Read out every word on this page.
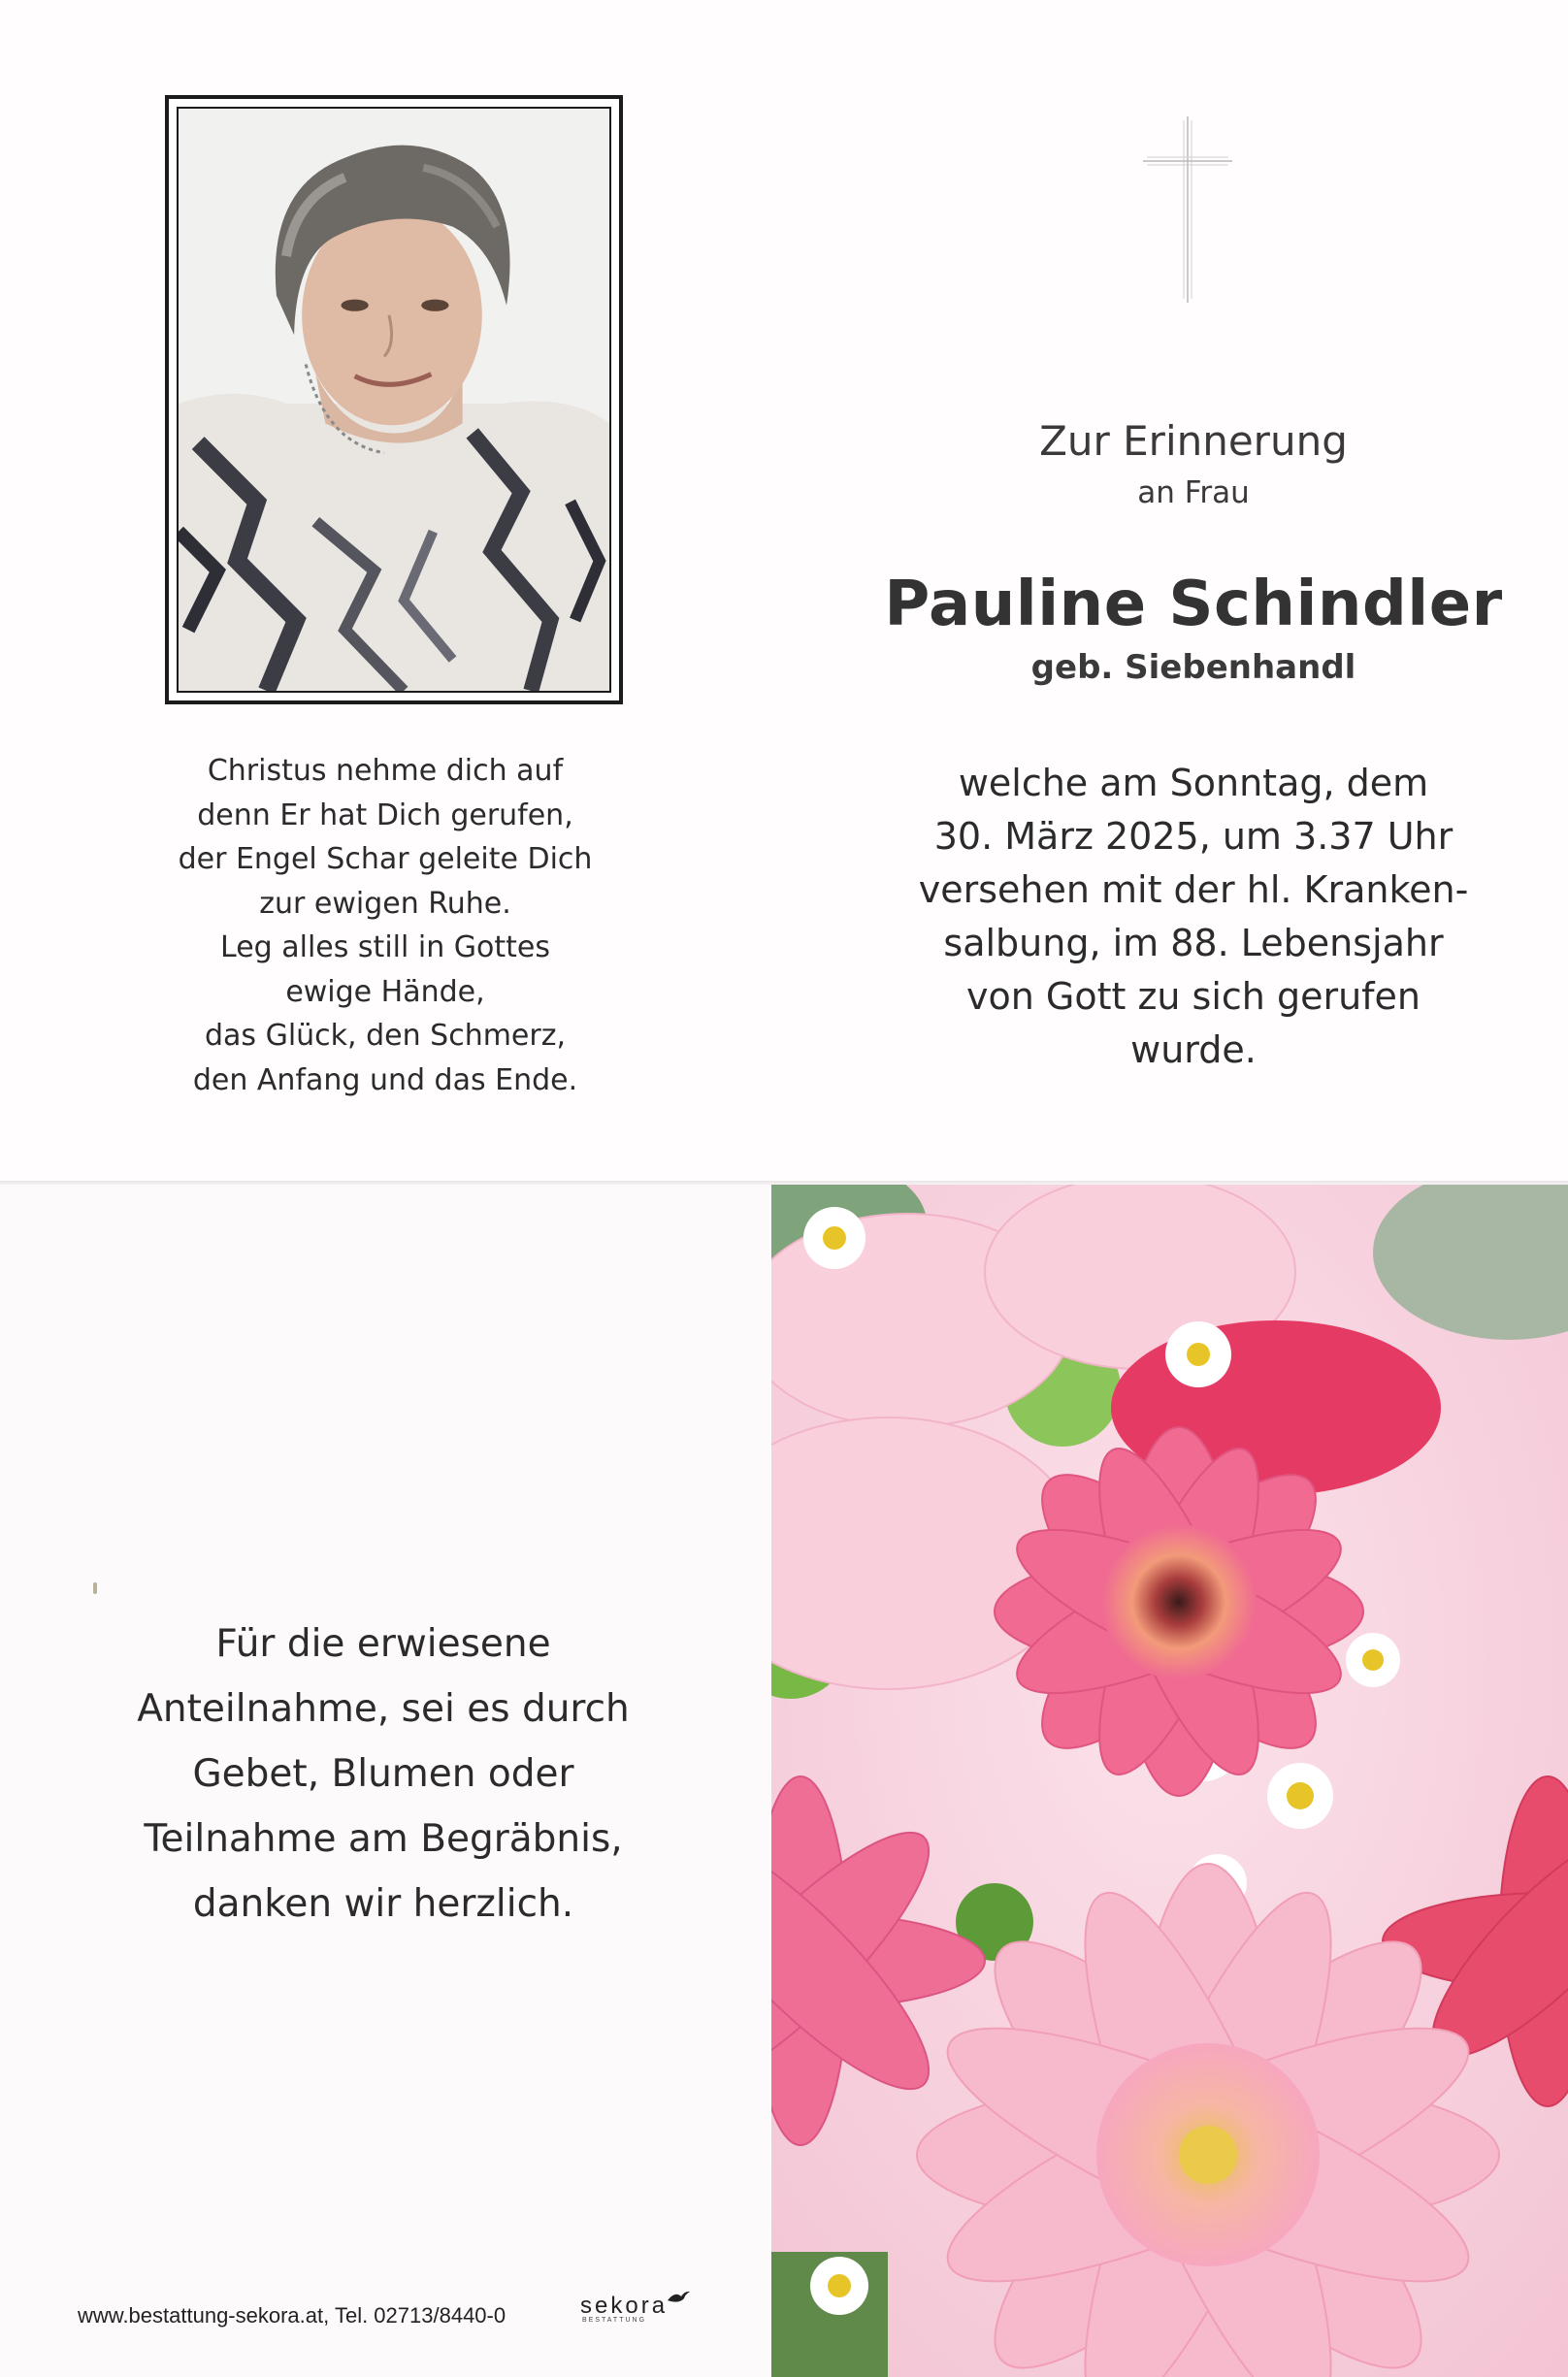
Christus nehme dich auf
denn Er hat Dich gerufen,
der Engel Schar geleite Dich
zur ewigen Ruhe.
Leg alles still in Gottes
ewige Hände,
das Glück, den Schmerz,
den Anfang und das Ende.
Zur Erinnerung
an Frau
Pauline Schindler
geb. Siebenhandl
welche am Sonntag, dem
30. März 2025, um 3.37 Uhr
versehen mit der hl. Kranken-
salbung, im 88. Lebensjahr
von Gott zu sich gerufen
wurde.
Für die erwiesene
Anteilnahme, sei es durch
Gebet, Blumen oder
Teilnahme am Begräbnis,
danken wir herzlich.
www.bestattung-sekora.at, Tel. 02713/8440-0	sekora
BESTATTUNG
